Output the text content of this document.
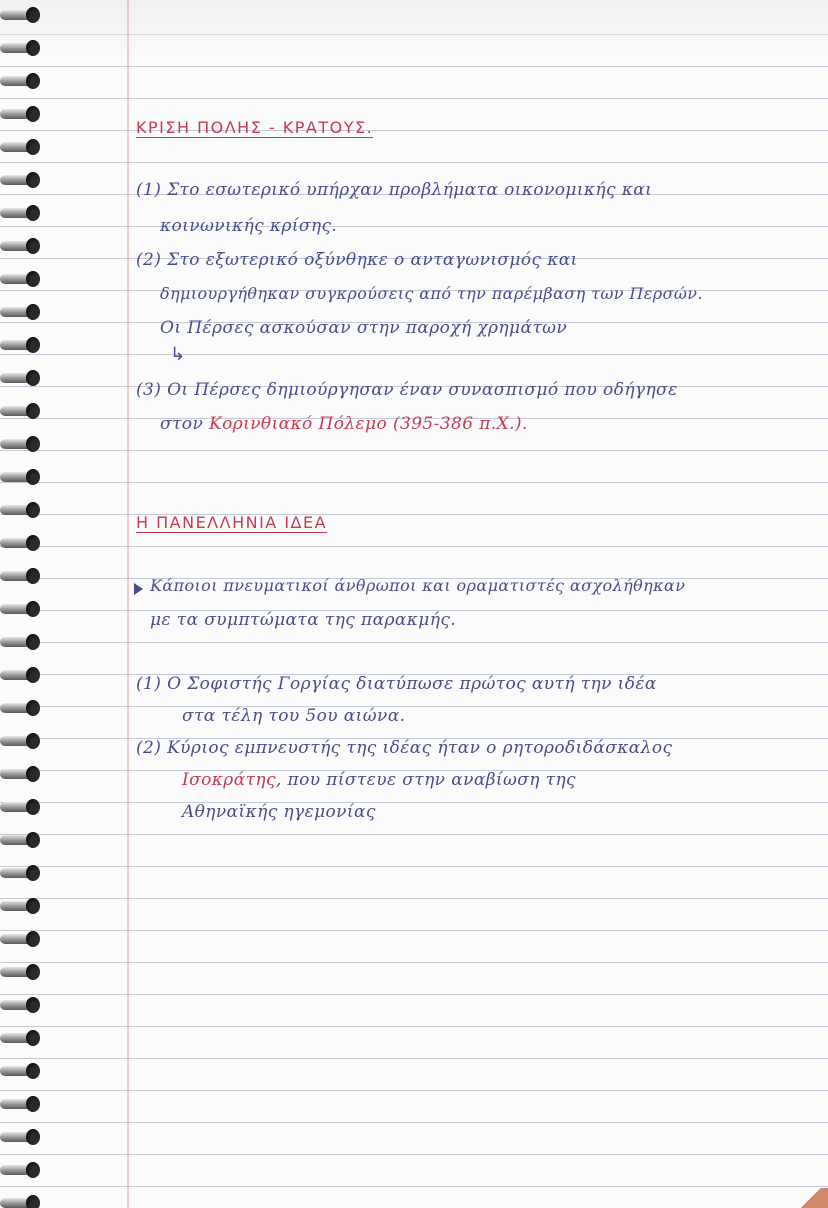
ΚΡΙΣΗ ΠΟΛΗΣ - ΚΡΑΤΟΥΣ.
(1) Στο εσωτερικό υπήρχαν προβλήματα οικονομικής και
κοινωνικής κρίσης.
(2) Στο εξωτερικό οξύνθηκε ο ανταγωνισμός και
δημιουργήθηκαν συγκρούσεις από την παρέμβαση των Περσών.
Οι Πέρσες ασκούσαν στην παροχή χρημάτων
↳
(3) Οι Πέρσες δημιούργησαν έναν συνασπισμό που οδήγησε
στον Κορινθιακό Πόλεμο (395-386 π.Χ.).
Η ΠΑΝΕΛΛΗΝΙΑ ΙΔΕΑ
Κάποιοι πνευματικοί άνθρωποι και οραματιστές ασχολήθηκαν
με τα συμπτώματα της παρακμής.
(1) Ο Σοφιστής Γοργίας διατύπωσε πρώτος αυτή την ιδέα
στα τέλη του 5ου αιώνα.
(2) Κύριος εμπνευστής της ιδέας ήταν ο ρητοροδιδάσκαλος
Ισοκράτης, που πίστευε στην αναβίωση της
Αθηναϊκής ηγεμονίας
